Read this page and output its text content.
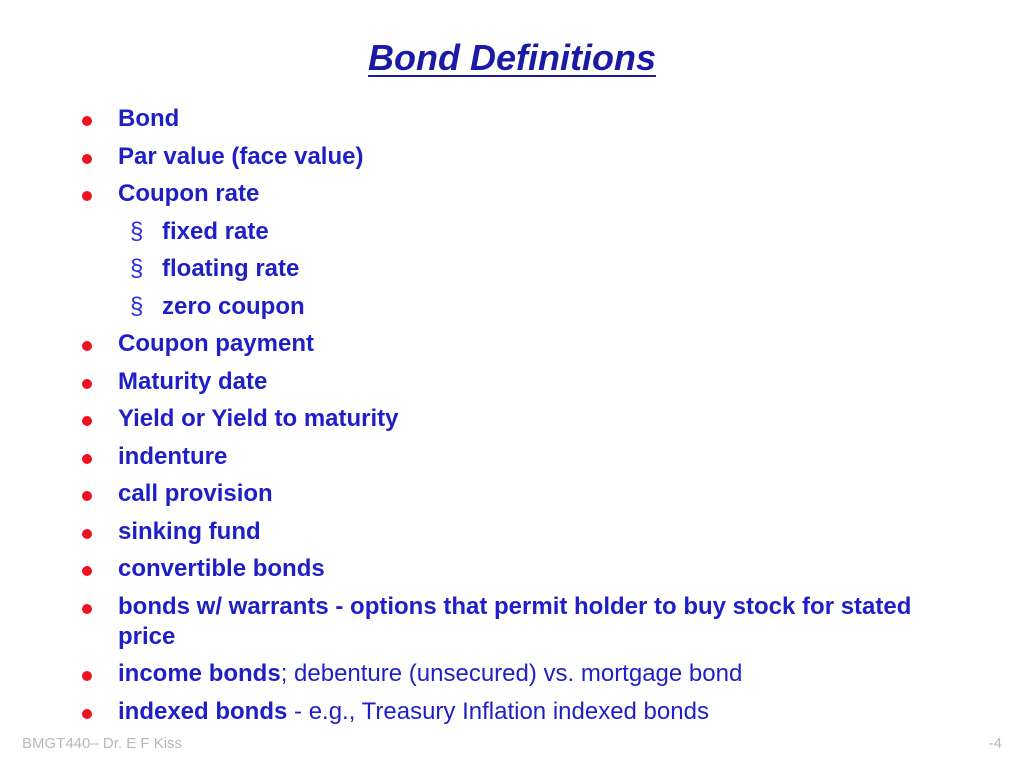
Bond Definitions
Bond
Par value (face value)
Coupon rate
§ fixed rate
§ floating rate
§ zero coupon
Coupon payment
Maturity date
Yield or Yield to maturity
indenture
call provision
sinking fund
convertible bonds
bonds w/ warrants - options that permit holder to buy stock for stated price
income bonds; debenture (unsecured) vs. mortgage bond
indexed bonds - e.g., Treasury Inflation indexed bonds
BMGT440– Dr. E F Kiss	-4
